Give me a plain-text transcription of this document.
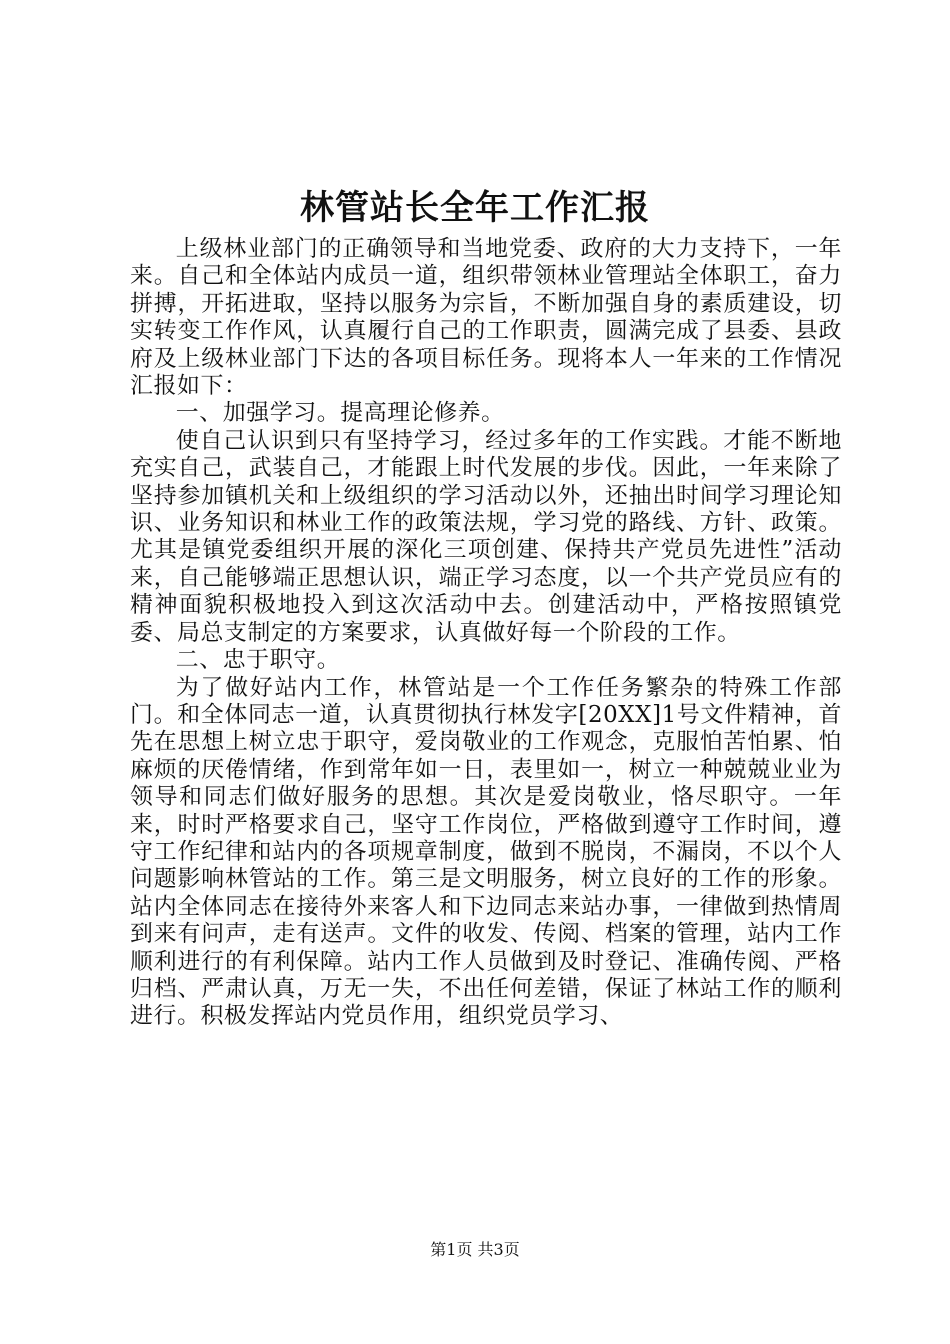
林管站长全年工作汇报

上级林业部门的正确领导和当地党委、政府的大力支持下，一年来。自己和全体站内成员一道，组织带领林业管理站全体职工，奋力拼搏，开拓进取，坚持以服务为宗旨，不断加强自身的素质建设，切实转变工作作风，认真履行自己的工作职责，圆满完成了县委、县政府及上级林业部门下达的各项目标任务。现将本人一年来的工作情况汇报如下：

一、加强学习。提高理论修养。

使自己认识到只有坚持学习，经过多年的工作实践。才能不断地充实自己，武装自己，才能跟上时代发展的步伐。因此，一年来除了坚持参加镇机关和上级组织的学习活动以外，还抽出时间学习理论知识、业务知识和林业工作的政策法规，学习党的路线、方针、政策。尤其是镇党委组织开展的深化三项创建、保持共产党员先进性”活动来，自己能够端正思想认识，端正学习态度，以一个共产党员应有的精神面貌积极地投入到这次活动中去。创建活动中，严格按照镇党委、局总支制定的方案要求，认真做好每一个阶段的工作。

二、忠于职守。

为了做好站内工作，林管站是一个工作任务繁杂的特殊工作部门。和全体同志一道，认真贯彻执行林发字[20XX]1号文件精神，首先在思想上树立忠于职守，爱岗敬业的工作观念，克服怕苦怕累、怕麻烦的厌倦情绪，作到常年如一日，表里如一，树立一种兢兢业业为领导和同志们做好服务的思想。其次是爱岗敬业，恪尽职守。一年来，时时严格要求自己，坚守工作岗位，严格做到遵守工作时间，遵守工作纪律和站内的各项规章制度，做到不脱岗，不漏岗，不以个人问题影响林管站的工作。第三是文明服务，树立良好的工作的形象。站内全体同志在接待外来客人和下边同志来站办事，一律做到热情周到来有问声，走有送声。文件的收发、传阅、档案的管理，站内工作顺利进行的有利保障。站内工作人员做到及时登记、准确传阅、严格归档、严肃认真，万无一失，不出任何差错，保证了林站工作的顺利进行。积极发挥站内党员作用，组织党员学习、

第1页 共3页
